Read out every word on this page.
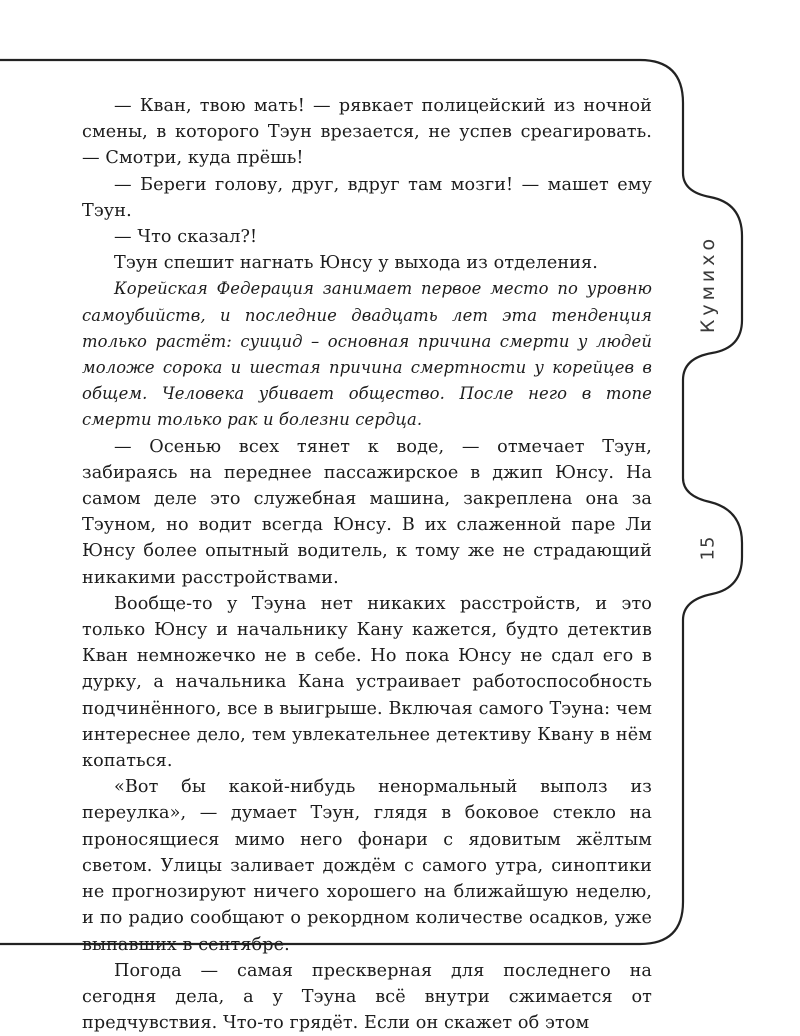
Кумихо
15

— Кван, твою мать! — рявкает полицейский из ночной смены, в которого Тэун врезается, не успев среагировать. — Смотри, куда прёшь!

— Береги голову, друг, вдруг там мозги! — машет ему Тэун.

— Что сказал?!

Тэун спешит нагнать Юнсу у выхода из отделения.

Корейская Федерация занимает первое место по уровню самоубийств, и последние двадцать лет эта тенденция только растёт: суицид – основная причина смерти у людей моложе сорока и шестая причина смертности у корейцев в общем. Человека убивает общество. После него в топе смерти только рак и болезни сердца.

— Осенью всех тянет к воде, — отмечает Тэун, забираясь на переднее пассажирское в джип Юнсу. На самом деле это служебная машина, закреплена она за Тэуном, но водит всегда Юнсу. В их слаженной паре Ли Юнсу более опытный водитель, к тому же не страдающий никакими расстройствами.

Вообще-то у Тэуна нет никаких расстройств, и это только Юнсу и начальнику Кану кажется, будто детектив Кван немножечко не в себе. Но пока Юнсу не сдал его в дурку, а начальника Кана устраивает работоспособность подчинённого, все в выигрыше. Включая самого Тэуна: чем интереснее дело, тем увлекательнее детективу Квану в нём копаться.

«Вот бы какой-нибудь ненормальный выполз‌ из переулка», — думает Тэун, глядя в боковое стекло на проносящиеся мимо него фонари с ядовитым жёлтым светом. Улицы заливает дождём с самого утра, синоптики не прогнозируют ничего хорошего на ближайшую неделю, и по радио сообщают о рекордном количестве осадков, уже выпавших в сентябре.

Погода — самая прескверная для последнего на сегодня дела, а у Тэуна всё внутри сжимается от предчувствия. Что-то грядёт. Если он скажет об этом
